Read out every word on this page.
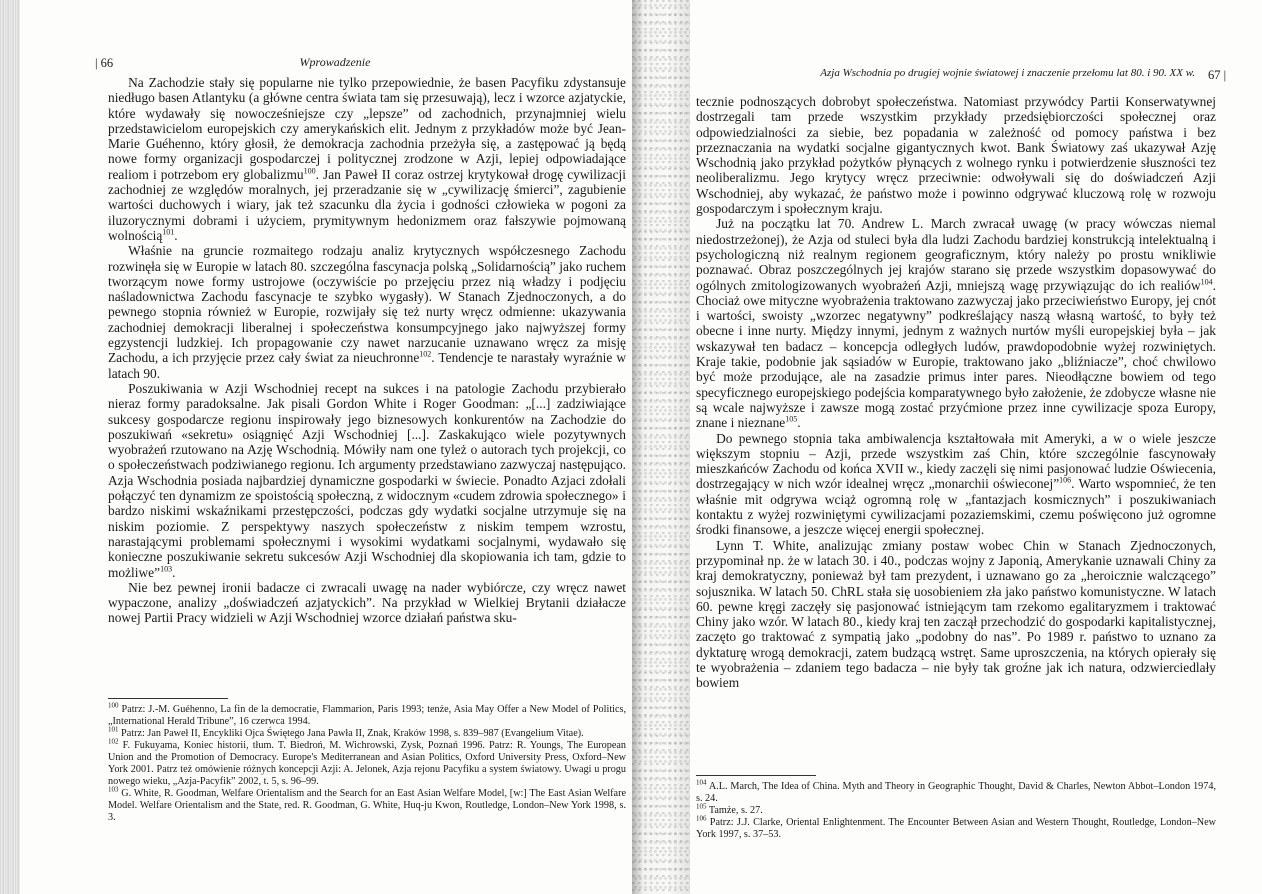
| 66	Wprowadzenie

Na Zachodzie stały się popularne nie tylko przepowiednie, że basen Pacyfiku zdystansuje niedługo basen Atlantyku (a główne centra świata tam się przesuwają), lecz i wzorce azjatyckie, które wydawały się nowocześniejsze czy „lepsze” od zachodnich, przynajmniej wielu przedstawicielom europejskich czy amerykańskich elit. Jednym z przykładów może być Jean-Marie Guéhenno, który głosił, że demokracja zachodnia przeżyła się, a zastępować ją będą nowe formy organizacji gospodarczej i politycznej zrodzone w Azji, lepiej odpowiadające realiom i potrzebom ery globalizmu$^{100}$. Jan Paweł II coraz ostrzej krytykował drogę cywilizacji zachodniej ze względów moralnych, jej przeradzanie się w „cywilizację śmierci”, zagubienie wartości duchowych i wiary, jak też szacunku dla życia i godności człowieka w pogoni za iluzorycznymi dobrami i użyciem, prymitywnym hedonizmem oraz fałszywie pojmowaną wolnością$^{101}$.

Właśnie na gruncie rozmaitego rodzaju analiz krytycznych współczesnego Zachodu rozwinęła się w Europie w latach 80. szczególna fascynacja polską „Solidarnością” jako ruchem tworzącym nowe formy ustrojowe (oczywiście po przejęciu przez nią władzy i podjęciu naśladownictwa Zachodu fascynacje te szybko wygasły). W Stanach Zjednoczonych, a do pewnego stopnia również w Europie, rozwijały się też nurty wręcz odmienne: ukazywania zachodniej demokracji liberalnej i społeczeństwa konsumpcyjnego jako najwyższej formy egzystencji ludzkiej. Ich propagowanie czy nawet narzucanie uznawano wręcz za misję Zachodu, a ich przyjęcie przez cały świat za nieuchronne$^{102}$. Tendencje te narastały wyraźnie w latach 90.

Poszukiwania w Azji Wschodniej recept na sukces i na patologie Zachodu przybierało nieraz formy paradoksalne. Jak pisali Gordon White i Roger Goodman: „[...] zadziwiające sukcesy gospodarcze regionu inspirowały jego biznesowych konkurentów na Zachodzie do poszukiwań «sekretu» osiągnięć Azji Wschodniej [...]. Zaskakująco wiele pozytywnych wyobrażeń rzutowano na Azję Wschodnią. Mówiły nam one tyleż o autorach tych projekcji, co o społeczeństwach podziwianego regionu. Ich argumenty przedstawiano zazwyczaj następująco. Azja Wschodnia posiada najbardziej dynamiczne gospodarki w świecie. Ponadto Azjaci zdołali połączyć ten dynamizm ze spoistością społeczną, z widocznym «cudem zdrowia społecznego» i bardzo niskimi wskaźnikami przestępczości, podczas gdy wydatki socjalne utrzymuje się na niskim poziomie. Z perspektywy naszych społeczeństw z niskim tempem wzrostu, narastającymi problemami społecznymi i wysokimi wydatkami socjalnymi, wydawało się konieczne poszukiwanie sekretu sukcesów Azji Wschodniej dla skopiowania ich tam, gdzie to możliwe”$^{103}$.

Nie bez pewnej ironii badacze ci zwracali uwagę na nader wybiórcze, czy wręcz nawet wypaczone, analizy „doświadczeń azjatyckich”. Na przykład w Wielkiej Brytanii działacze nowej Partii Pracy widzieli w Azji Wschodniej wzorce działań państwa sku-

$^{100}$ Patrz: J.-M. Guéhenno, La fin de la democratie, Flammarion, Paris 1993; tenże, Asia May Offer a New Model of Politics, „International Herald Tribune”, 16 czerwca 1994.

$^{101}$ Patrz: Jan Paweł II, Encykliki Ojca Świętego Jana Pawła II, Znak, Kraków 1998, s. 839–987 (Evangelium Vitae).

$^{102}$ F. Fukuyama, Koniec historii, tłum. T. Biedroń, M. Wichrowski, Zysk, Poznań 1996. Patrz: R. Youngs, The European Union and the Promotion of Democracy. Europe's Mediterranean and Asian Politics, Oxford University Press, Oxford–New York 2001. Patrz też omówienie różnych koncepcji Azji: A. Jelonek, Azja rejonu Pacyfiku a system światowy. Uwagi u progu nowego wieku, „Azja-Pacyfik” 2002, t. 5, s. 96–99.

$^{103}$ G. White, R. Goodman, Welfare Orientalism and the Search for an East Asian Welfare Model, [w:] The East Asian Welfare Model. Welfare Orientalism and the State, red. R. Goodman, G. White, Huq-ju Kwon, Routledge, London–New York 1998, s. 3.

Azja Wschodnia po drugiej wojnie światowej i znaczenie przełomu lat 80. i 90. XX w. 67 |

tecznie podnoszących dobrobyt społeczeństwa. Natomiast przywódcy Partii Konserwatywnej dostrzegali tam przede wszystkim przykłady przedsiębiorczości społecznej oraz odpowiedzialności za siebie, bez popadania w zależność od pomocy państwa i bez przeznaczania na wydatki socjalne gigantycznych kwot. Bank Światowy zaś ukazywał Azję Wschodnią jako przykład pożytków płynących z wolnego rynku i potwierdzenie słuszności tez neoliberalizmu. Jego krytycy wręcz przeciwnie: odwoływali się do doświadczeń Azji Wschodniej, aby wykazać, że państwo może i powinno odgrywać kluczową rolę w rozwoju gospodarczym i społecznym kraju.

Już na początku lat 70. Andrew L. March zwracał uwagę (w pracy wówczas niemal niedostrzeżonej), że Azja od stuleci była dla ludzi Zachodu bardziej konstrukcją intelektualną i psychologiczną niż realnym regionem geograficznym, który należy po prostu wnikliwie poznawać. Obraz poszczególnych jej krajów starano się przede wszystkim dopasowywać do ogólnych zmitologizowanych wyobrażeń Azji, mniejszą wagę przywiązując do ich realiów$^{104}$. Chociaż owe mityczne wyobrażenia traktowano zazwyczaj jako przeciwieństwo Europy, jej cnót i wartości, swoisty „wzorzec negatywny” podkreślający naszą własną wartość, to były też obecne i inne nurty. Między innymi, jednym z ważnych nurtów myśli europejskiej była – jak wskazywał ten badacz – koncepcja odległych ludów, prawdopodobnie wyżej rozwiniętych. Kraje takie, podobnie jak sąsiadów w Europie, traktowano jako „bliźniacze”, choć chwilowo być może przodujące, ale na zasadzie primus inter pares. Nieodłączne bowiem od tego specyficznego europejskiego podejścia komparatywnego było założenie, że zdobycze własne nie są wcale najwyższe i zawsze mogą zostać przyćmione przez inne cywilizacje spoza Europy, znane i nieznane$^{105}$.

Do pewnego stopnia taka ambiwalencja kształtowała mit Ameryki, a w o wiele jeszcze większym stopniu – Azji, przede wszystkim zaś Chin, które szczególnie fascynowały mieszkańców Zachodu od końca XVII w., kiedy zaczęli się nimi pasjonować ludzie Oświecenia, dostrzegający w nich wzór idealnej wręcz „monarchii oświeconej”$^{106}$. Warto wspomnieć, że ten właśnie mit odgrywa wciąż ogromną rolę w „fantazjach kosmicznych” i poszukiwaniach kontaktu z wyżej rozwiniętymi cywilizacjami pozaziemskimi, czemu poświęcono już ogromne środki finansowe, a jeszcze więcej energii społecznej.

Lynn T. White, analizując zmiany postaw wobec Chin w Stanach Zjednoczonych, przypominał np. że w latach 30. i 40., podczas wojny z Japonią, Amerykanie uznawali Chiny za kraj demokratyczny, ponieważ był tam prezydent, i uznawano go za „heroicznie walczącego” sojusznika. W latach 50. ChRL stała się uosobieniem zła jako państwo komunistyczne. W latach 60. pewne kręgi zaczęły się pasjonować istniejącym tam rzekomo egalitaryzmem i traktować Chiny jako wzór. W latach 80., kiedy kraj ten zaczął przechodzić do gospodarki kapitalistycznej, zaczęto go traktować z sympatią jako „podobny do nas”. Po 1989 r. państwo to uznano za dyktaturę wrogą demokracji, zatem budzącą wstręt. Same uproszczenia, na których opierały się te wyobrażenia – zdaniem tego badacza – nie były tak groźne jak ich natura, odzwierciedlały bowiem

$^{104}$ A.L. March, The Idea of China. Myth and Theory in Geographic Thought, David & Charles, Newton Abbot–London 1974, s. 24.

$^{105}$ Tamże, s. 27.

$^{106}$ Patrz: J.J. Clarke, Oriental Enlightenment. The Encounter Between Asian and Western Thought, Routledge, London–New York 1997, s. 37–53.
